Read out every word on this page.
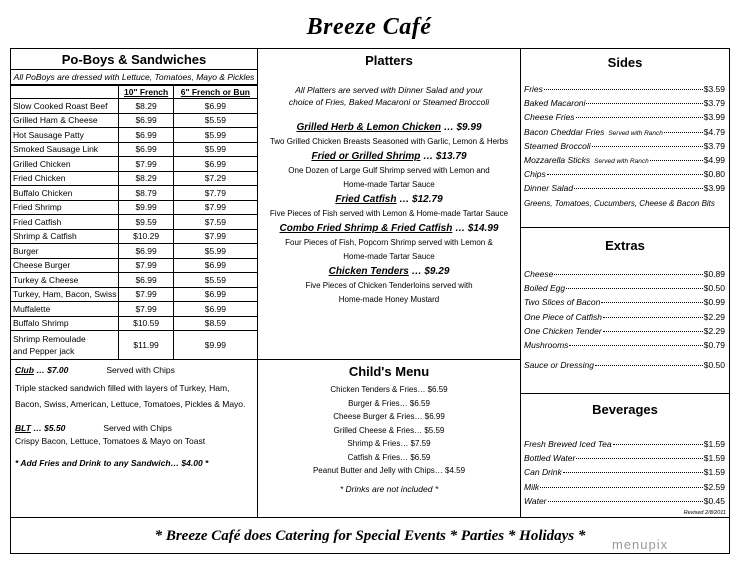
Breeze Café
Po-Boys & Sandwiches
All PoBoys are dressed with Lettuce, Tomatoes, Mayo & Pickles
	10" French	6" French or Bun
Slow Cooked Roast Beef	$8.29	$6.99
Grilled Ham & Cheese	$6.99	$5.59
Hot Sausage Patty	$6.99	$5.99
Smoked Sausage Link	$6.99	$5.99
Grilled Chicken	$7.99	$6.99
Fried Chicken	$8.29	$7.29
Buffalo Chicken	$8.79	$7.79
Fried Shrimp	$9.99	$7.99
Fried Catfish	$9.59	$7.59
Shrimp & Catfish	$10.29	$7.99
Burger	$6.99	$5.99
Cheese Burger	$7.99	$6.99
Turkey & Cheese	$6.99	$5.59
Turkey, Ham, Bacon, Swiss	$7.99	$6.99
Muffalette	$7.99	$6.99
Buffalo Shrimp	$10.59	$8.59
Shrimp Remoulade
and Pepper jack	$11.99	$9.99
Club … $7.00	Served with Chips
Triple stacked sandwich filled with layers of Turkey, Ham, Bacon, Swiss, American, Lettuce, Tomatoes, Pickles & Mayo.
BLT … $5.50	Served with Chips
Crispy Bacon, Lettuce, Tomatoes & Mayo on Toast
* Add Fries and Drink to any Sandwich… $4.00 *
Platters
All Platters are served with Dinner Salad and your choice of Fries, Baked Macaroni or Steamed Broccoli
Grilled Herb & Lemon Chicken … $9.99
Two Grilled Chicken Breasts Seasoned with Garlic, Lemon & Herbs
Fried or Grilled Shrimp … $13.79
One Dozen of Large Gulf Shrimp served with Lemon and
Home-made Tartar Sauce
Fried Catfish … $12.79
Five Pieces of Fish served with Lemon & Home-made Tartar Sauce
Combo Fried Shrimp & Fried Catfish … $14.99
Four Pieces of Fish, Popcorn Shrimp served with Lemon &
Home-made Tartar Sauce
Chicken Tenders … $9.29
Five Pieces of Chicken Tenderloins served with
Home-made Honey Mustard
Child's Menu
Chicken Tenders & Fries… $6.59
Burger & Fries… $6.59
Cheese Burger & Fries… $6.99
Grilled Cheese & Fries… $5.59
Shrimp & Fries… $7.59
Catfish & Fries… $6.59
Peanut Butter and Jelly with Chips… $4.59
* Drinks are not included *
Sides
Fries	$3.59
Baked Macaroni	$3.79
Cheese Fries	$3.99
Bacon Cheddar Fries Served with Ranch	$4.79
Steamed Broccoli	$3.79
Mozzarella Sticks Served with Ranch	$4.99
Chips	$0.80
Dinner Salad	$3.99
Greens, Tomatoes, Cucumbers, Cheese & Bacon Bits
Extras
Cheese	$0.89
Boiled Egg	$0.50
Two Slices of Bacon	$0.99
One Piece of Catfish	$2.29
One Chicken Tender	$2.29
Mushrooms	$0.79
Sauce or Dressing	$0.50
Beverages
Fresh Brewed Iced Tea	$1.59
Bottled Water	$1.59
Can Drink	$1.59
Milk	$2.59
Water	$0.45
Revised 2/8/2011
* Breeze Café does Catering for Special Events * Parties * Holidays *
menupix
